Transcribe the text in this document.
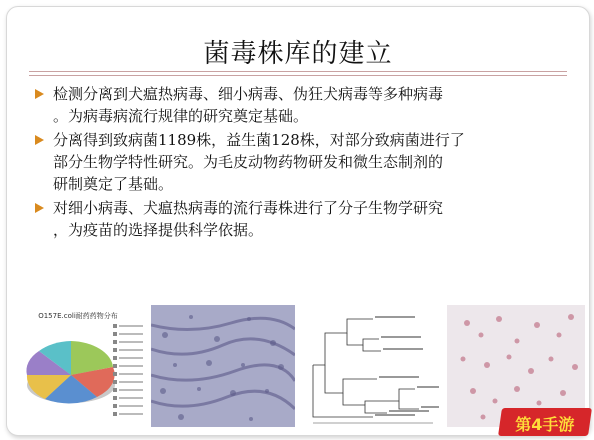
菌毒株库的建立
检测分离到犬瘟热病毒、细小病毒、伪狂犬病毒等多种病毒
。为病毒病流行规律的研究奠定基础。
分离得到致病菌1189株，益生菌128株，对部分致病菌进行了
部分生物学特性研究。为毛皮动物药物研发和微生态制剂的
研制奠定了基础。
对细小病毒、犬瘟热病毒的流行毒株进行了分子生物学研究
，为疫苗的选择提供科学依据。
O157E.coli耐药药物分布
第4手游
